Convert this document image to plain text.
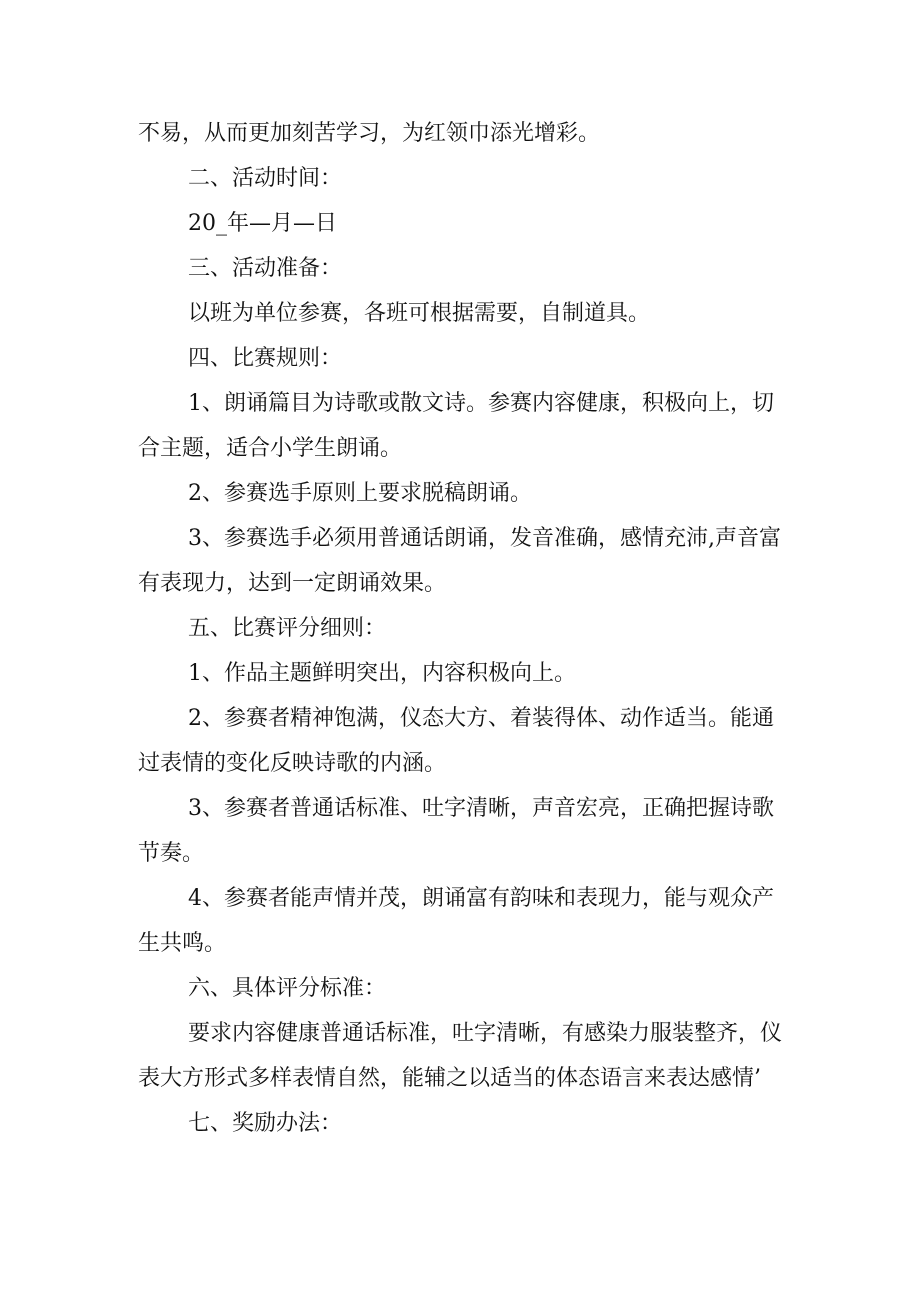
不易，从而更加刻苦学习，为红领巾添光增彩。

二、活动时间：

20_年—月—日

三、活动准备：

以班为单位参赛，各班可根据需要，自制道具。

四、比赛规则：

1、朗诵篇目为诗歌或散文诗。参赛内容健康，积极向上，切合主题，适合小学生朗诵。

2、参赛选手原则上要求脱稿朗诵。

3、参赛选手必须用普通话朗诵，发音准确，感情充沛,声音富有表现力，达到一定朗诵效果。

五、比赛评分细则：

1、作品主题鲜明突出，内容积极向上。

2、参赛者精神饱满，仪态大方、着装得体、动作适当。能通过表情的变化反映诗歌的内涵。

3、参赛者普通话标准、吐字清晰，声音宏亮，正确把握诗歌节奏。

4、参赛者能声情并茂，朗诵富有韵味和表现力，能与观众产生共鸣。

六、具体评分标准：

要求内容健康普通话标准，吐字清晰，有感染力服装整齐，仪表大方形式多样表情自然，能辅之以适当的体态语言来表达感情’

七、奖励办法：
